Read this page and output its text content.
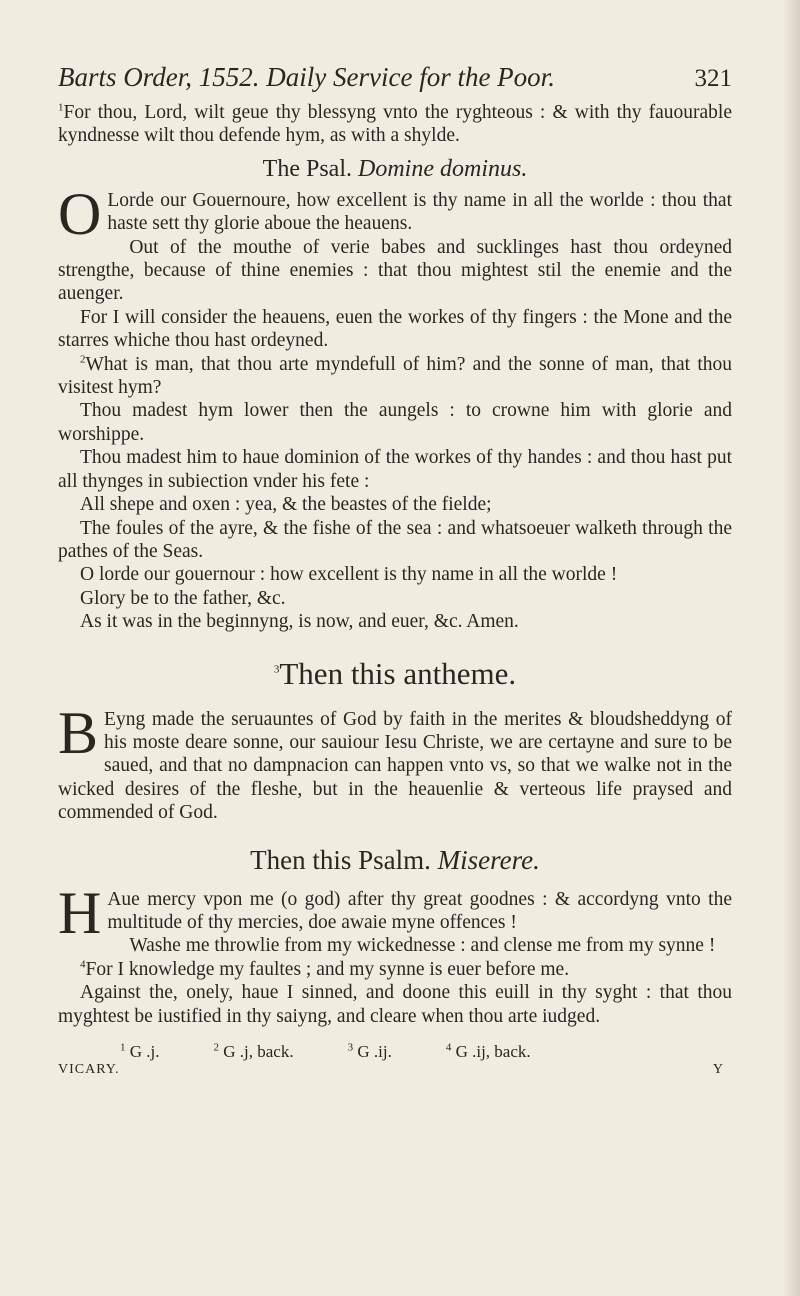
Barts Order, 1552. Daily Service for the Poor.	321

$^1$For thou, Lord, wilt geue thy blessyng vnto the ryghteous : & with thy fauourable kyndnesse wilt thou defende hym, as with a shylde.

The Psal. Domine dominus.

O Lorde our Gouernoure, how excellent is thy name in all the worlde : thou that haste sett thy glorie aboue the heauens.

Out of the mouthe of verie babes and sucklinges hast thou ordeyned strengthe, because of thine enemies : that thou mightest stil the enemie and the auenger.

For I will consider the heauens, euen the workes of thy fingers : the Mone and the starres whiche thou hast ordeyned.

$^2$What is man, that thou arte myndefull of him? and the sonne of man, that thou visitest hym?

Thou madest hym lower then the aungels : to crowne him with glorie and worshippe.

Thou madest him to haue dominion of the workes of thy handes : and thou hast put all thynges in subiection vnder his fete :

All shepe and oxen : yea, & the beastes of the fielde;

The foules of the ayre, & the fishe of the sea : and whatsoeuer walketh through the pathes of the Seas.

O lorde our gouernour : how excellent is thy name in all the worlde !

Glory be to the father, &c.

As it was in the beginnyng, is now, and euer, &c. Amen.

$^3$Then this antheme.

B Eyng made the seruauntes of God by faith in the merites & bloudsheddyng of his moste deare sonne, our sauiour Iesu Christe, we are certayne and sure to be saued, and that no dampnacion can happen vnto vs, so that we walke not in the wicked desires of the fleshe, but in the heauenlie & verteous life praysed and commended of God.

Then this Psalm. Miserere.

H Aue mercy vpon me (o god) after thy great goodnes : & accordyng vnto the multitude of thy mercies, doe awaie myne offences !

Washe me throwlie from my wickednesse : and clense me from my synne !

$^4$For I knowledge my faultes ; and my synne is euer before me.

Against the, onely, haue I sinned, and doone this euill in thy syght : that thou myghtest be iustified in thy saiyng, and cleare when thou arte iudged.

$^1$ G .j.	$^2$ G .j, back.	$^3$ G .ij.	$^4$ G .ij, back.
VICARY.	Y
